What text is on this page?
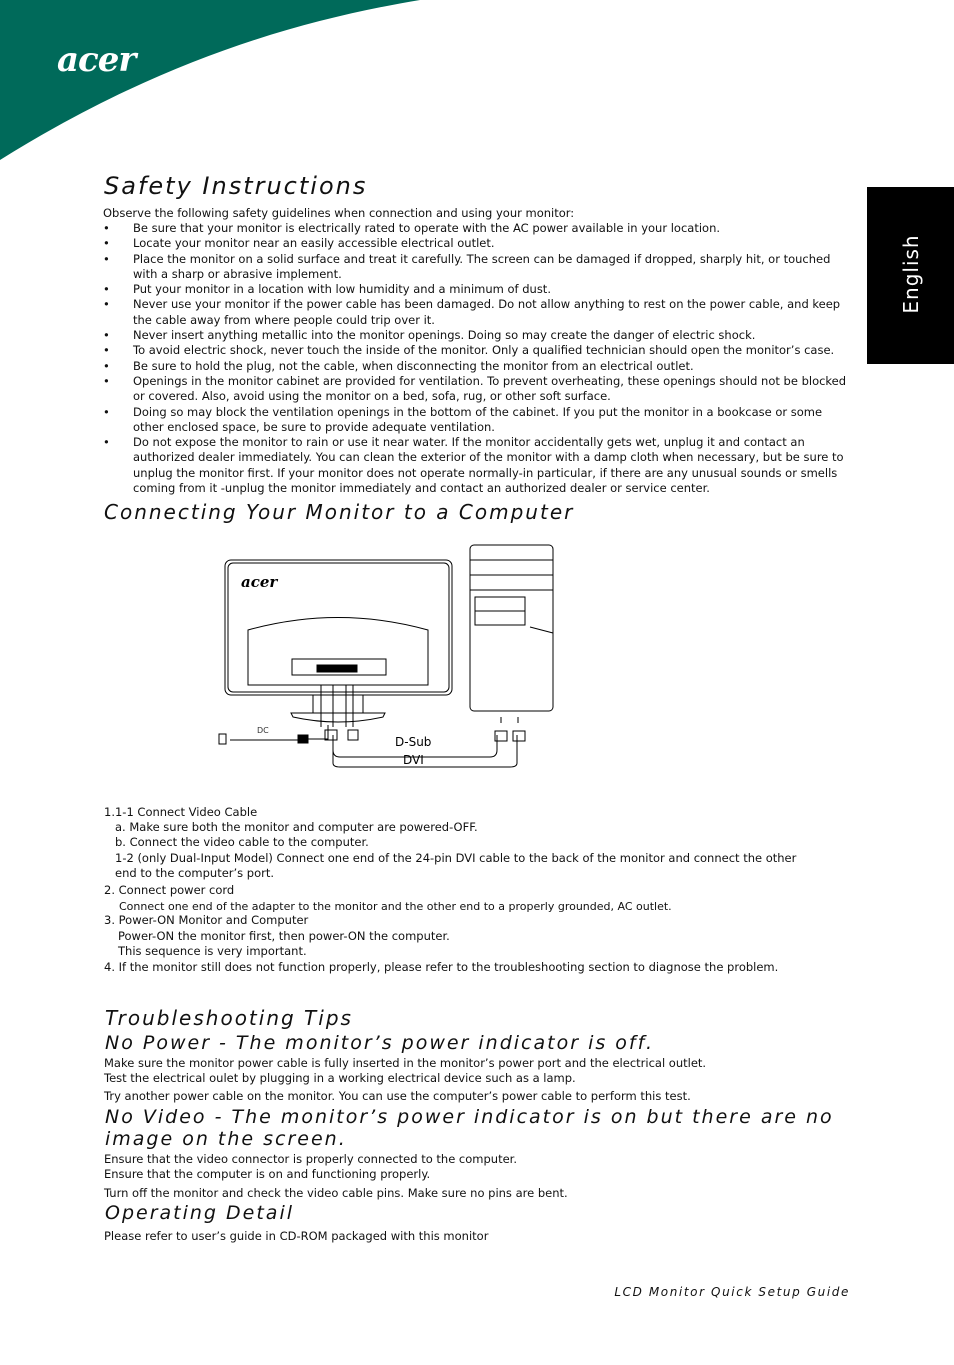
acer
English
Safety Instructions

Observe the following safety guidelines when connection and using your monitor:

• Be sure that your monitor is electrically rated to operate with the AC power available in your location.
• Locate your monitor near an easily accessible electrical outlet.
• Place the monitor on a solid surface and treat it carefully. The screen can be damaged if dropped, sharply hit, or touched with a sharp or abrasive implement.
• Put your monitor in a location with low humidity and a minimum of dust.
• Never use your monitor if the power cable has been damaged. Do not allow anything to rest on the power cable, and keep the cable away from where people could trip over it.
• Never insert anything metallic into the monitor openings. Doing so may create the danger of electric shock.
• To avoid electric shock, never touch the inside of the monitor. Only a qualified technician should open the monitor’s case.
• Be sure to hold the plug, not the cable, when disconnecting the monitor from an electrical outlet.
• Openings in the monitor cabinet are provided for ventilation. To prevent overheating, these openings should not be blocked or covered. Also, avoid using the monitor on a bed, sofa, rug, or other soft surface.
• Doing so may block the ventilation openings in the bottom of the cabinet. If you put the monitor in a bookcase or some other enclosed space, be sure to provide adequate ventilation.
• Do not expose the monitor to rain or use it near water. If the monitor accidentally gets wet, unplug it and contact an authorized dealer immediately. You can clean the exterior of the monitor with a damp cloth when necessary, but be sure to unplug the monitor first. If your monitor does not operate normally-in particular, if there are any unusual sounds or smells coming from it -unplug the monitor immediately and contact an authorized dealer or service center.
Connecting Your Monitor to a Computer
acer
DC
D-Sub
DVI

1.1-1 Connect Video Cable

a. Make sure both the monitor and computer are powered-OFF.

b. Connect the video cable to the computer.

1-2 (only Dual-Input Model) Connect one end of the 24-pin DVI cable to the back of the monitor and connect the other

end to the computer’s port.

2. Connect power cord

Connect one end of the adapter to the monitor and the other end to a properly grounded, AC outlet.

3. Power-ON Monitor and Computer

Power-ON the monitor first, then power-ON the computer.

This sequence is very important.

4. If the monitor still does not function properly, please refer to the troubleshooting section to diagnose the problem.

Troubleshooting Tips
No Power - The monitor’s power indicator is off.

Make sure the monitor power cable is fully inserted in the monitor’s power port and the electrical outlet.

Test the electrical oulet by plugging in a working electrical device such as a lamp.

Try another power cable on the monitor. You can use the computer’s power cable to perform this test.

No Video - The monitor’s power indicator is on but there are no
image on the screen.

Ensure that the video connector is properly connected to the computer.

Ensure that the computer is on and functioning properly.

Turn off the monitor and check the video cable pins. Make sure no pins are bent.

Operating Detail

Please refer to user’s guide in CD-ROM packaged with this monitor

LCD Monitor Quick Setup Guide
